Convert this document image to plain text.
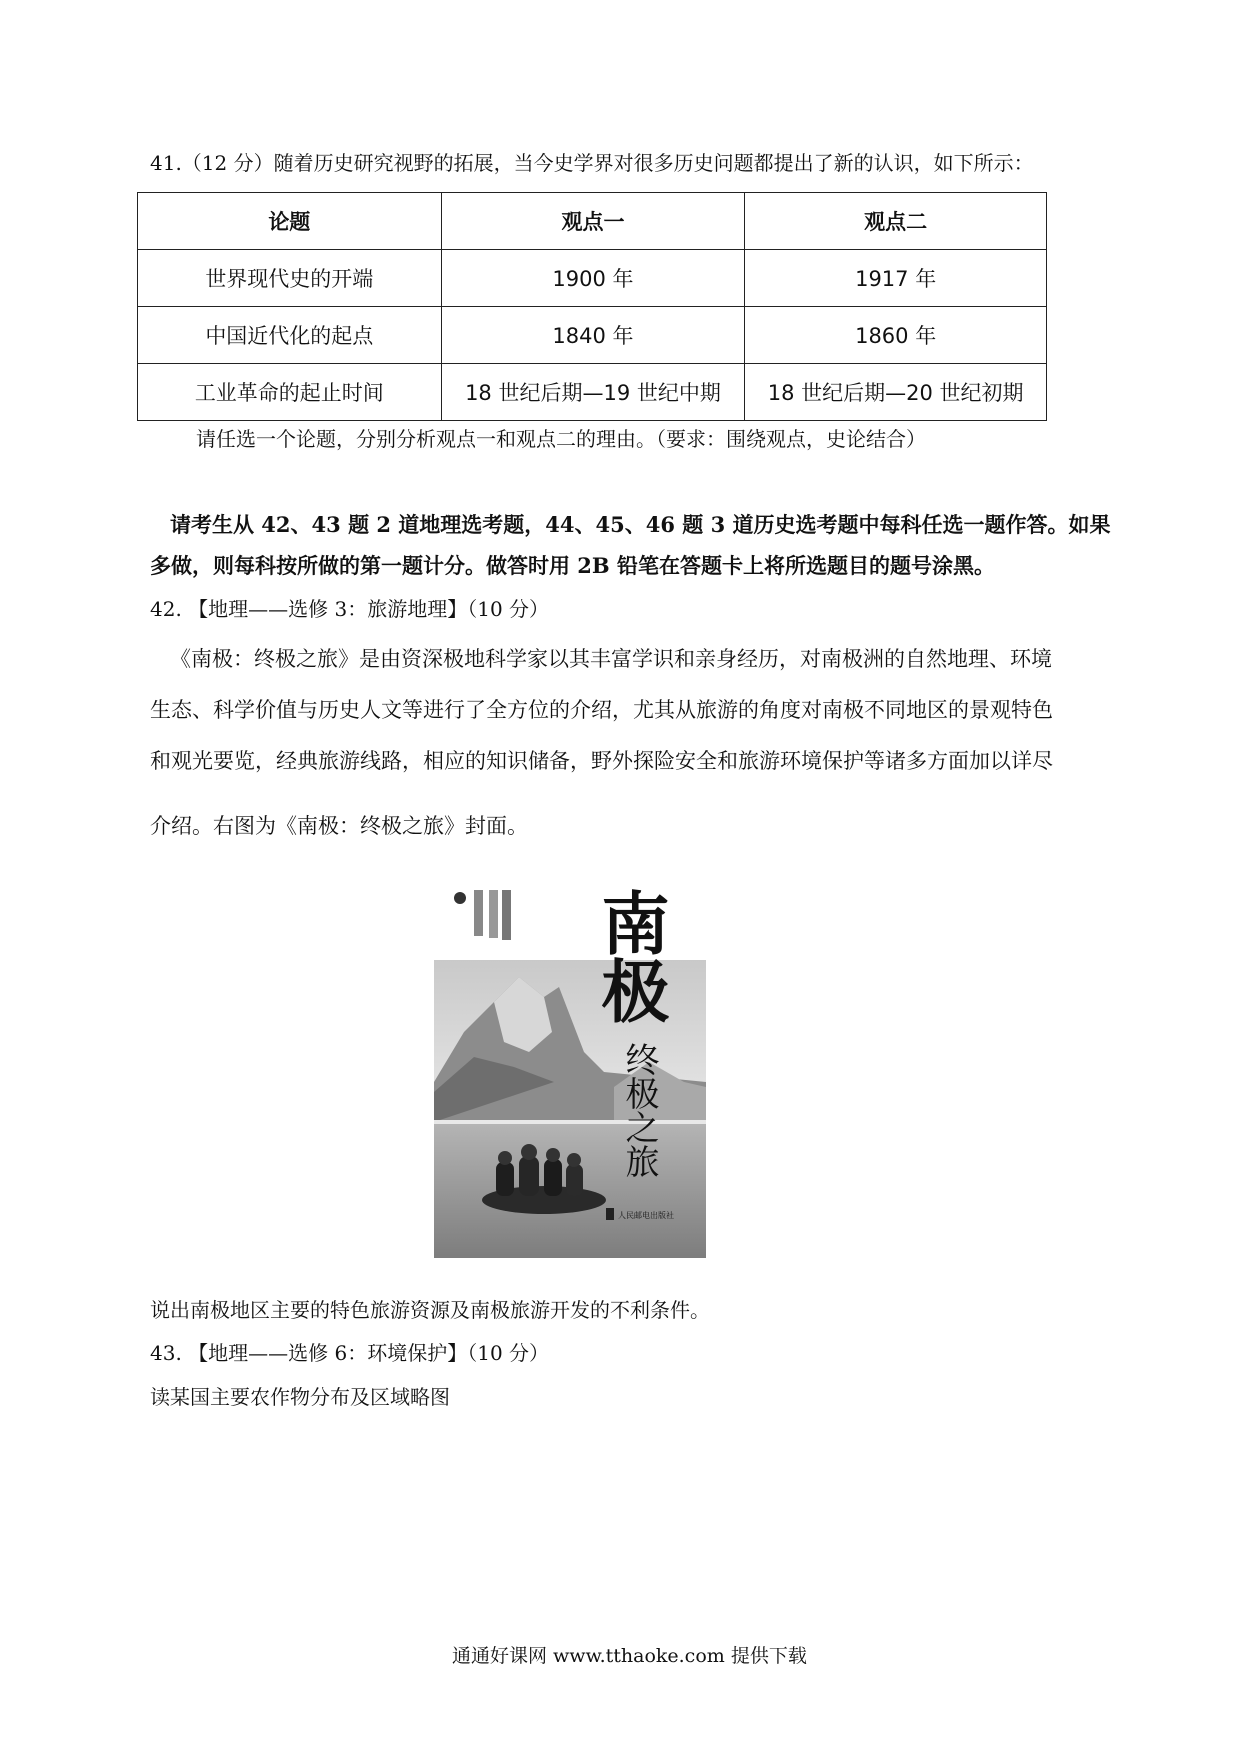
41.（12 分）随着历史研究视野的拓展，当今史学界对很多历史问题都提出了新的认识，如下所示：
论题	观点一	观点二
世界现代史的开端	1900 年	1917 年
中国近代化的起点	1840 年	1860 年
工业革命的起止时间	18 世纪后期—19 世纪中期	18 世纪后期—20 世纪初期
请任选一个论题，分别分析观点一和观点二的理由。（要求：围绕观点，史论结合）
请考生从 42、43 题 2 道地理选考题，44、45、46 题 3 道历史选考题中每科任选一题作答。如果
多做，则每科按所做的第一题计分。做答时用 2B 铅笔在答题卡上将所选题目的题号涂黑。
42. 【地理——选修 3：旅游地理】（10 分）
《南极：终极之旅》是由资深极地科学家以其丰富学识和亲身经历，对南极洲的自然地理、环境
生态、科学价值与历史人文等进行了全方位的介绍，尤其从旅游的角度对南极不同地区的景观特色
和观光要览，经典旅游线路，相应的知识储备，野外探险安全和旅游环境保护等诸多方面加以详尽
介绍。右图为《南极：终极之旅》封面。
南极
终极之旅
人民邮电出版社
说出南极地区主要的特色旅游资源及南极旅游开发的不利条件。
43. 【地理——选修 6：环境保护】（10 分）
读某国主要农作物分布及区域略图
通通好课网 www.tthaoke.com 提供下载
